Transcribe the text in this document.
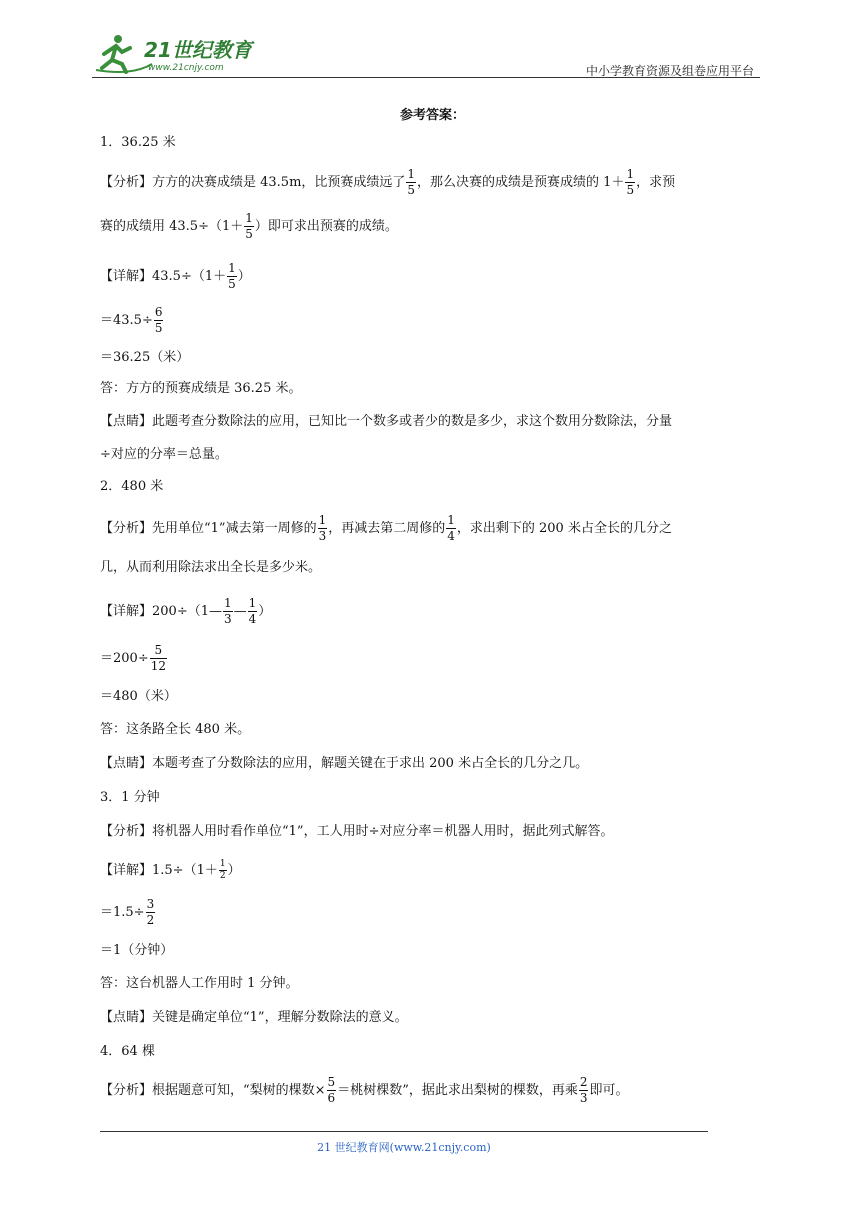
21世纪教育
www.21cnjy.com	中小学教育资源及组卷应用平台
参考答案：
1．36.25 米
【分析】方方的决赛成绩是 43.5m，比预赛成绩远了 $\frac{1}{5}$ ，那么决赛的成绩是预赛成绩的 $1+ \frac{1}{5}$ ，求预
赛的成绩用 $43.5\div(1+ \frac{1}{5}$ ）即可求出预赛的成绩。
【详解】$43.5\div(1+ \frac{1}{5}$ ）
$=43.5\div \frac{6}{5}$
＝36.25（米）
答：方方的预赛成绩是 36.25 米。
【点睛】此题考查分数除法的应用，已知比一个数多或者少的数是多少，求这个数用分数除法，分量
÷对应的分率＝总量。
2．480 米
【分析】先用单位“1”减去第一周修的 $\frac{1}{3}$ ，再减去第二周修的 $\frac{1}{4}$ ，求出剩下的 200 米占全长的几分之
几，从而利用除法求出全长是多少米。
【详解】200÷（1— $\frac{1}{3}$ — $\frac{1}{4}$ ）
$=200\div \frac{5}{12}$
＝480（米）
答：这条路全长 480 米。
【点睛】本题考查了分数除法的应用，解题关键在于求出 200 米占全长的几分之几。
3．1 分钟
【分析】将机器人用时看作单位“1”，工人用时÷对应分率＝机器人用时，据此列式解答。
【详解】$1.5\div(1+ \frac{1}{2}$ ）
$=1.5\div \frac{3}{2}$
＝1（分钟）
答：这台机器人工作用时 1 分钟。
【点睛】关键是确定单位“1”，理解分数除法的意义。
4．64 棵
【分析】根据题意可知，“梨树的棵数× $\frac{5}{6}$ ＝桃树棵数”，据此求出梨树的棵数，再乘 $\frac{2}{3}$ 即可。
21 世纪教育网(www.21cnjy.com)
